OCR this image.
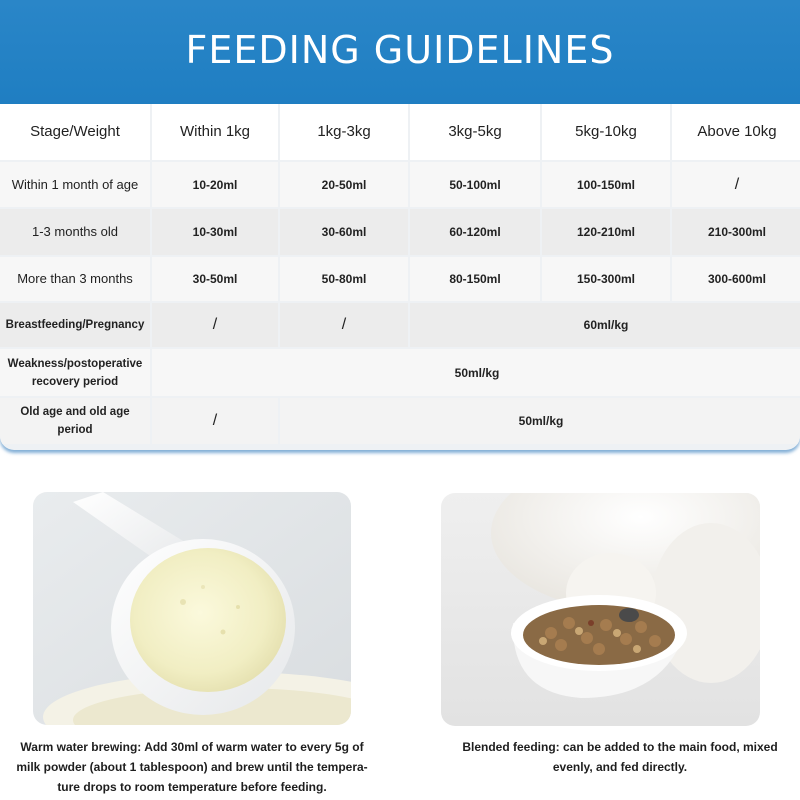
FEEDING GUIDELINES
Stage/Weight	Within 1kg	1kg-3kg	3kg-5kg	5kg-10kg	Above 10kg
Within 1 month of age	10-20ml	20-50ml	50-100ml	100-150ml	/
1-3 months old	10-30ml	30-60ml	60-120ml	120-210ml	210-300ml
More than 3 months	30-50ml	50-80ml	80-150ml	150-300ml	300-600ml
Breastfeeding/Pregnancy	/	/	60ml/kg		
Weakness/postoperative recovery period	50ml/kg				
Old age and old age period	/	50ml/kg			
Warm water brewing: Add 30ml of warm water to every 5g of milk powder (about 1 tablespoon) and brew until the tempera-ture drops to room temperature before feeding.
Blended feeding: can be added to the main food, mixed evenly, and fed directly.
